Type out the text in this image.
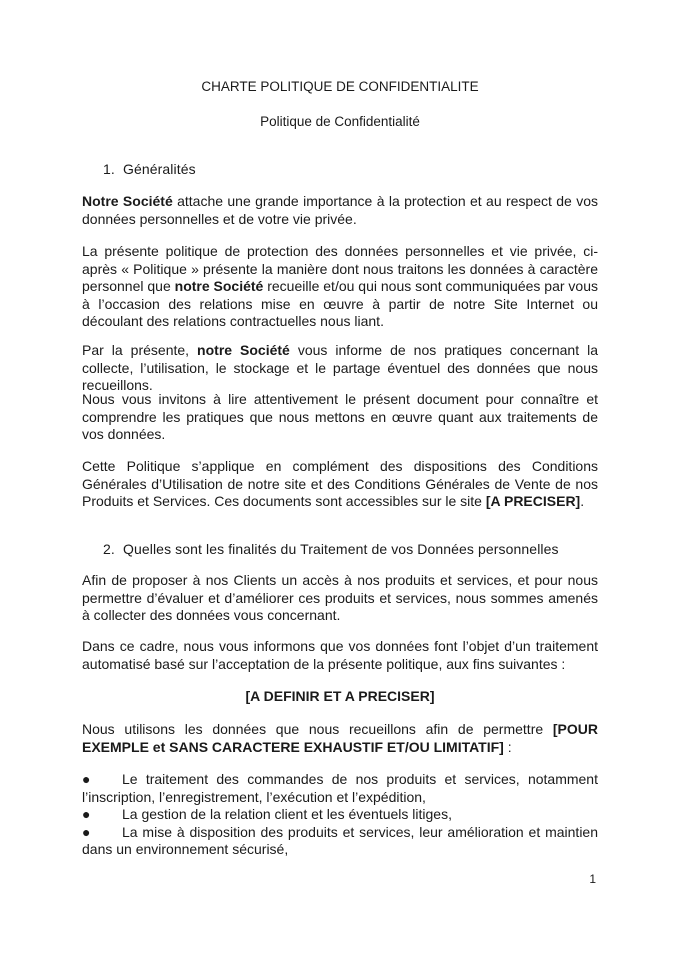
CHARTE POLITIQUE DE CONFIDENTIALITE
Politique de Confidentialité
1. Généralités

Notre Société attache une grande importance à la protection et au respect de vos données personnelles et de votre vie privée.

La présente politique de protection des données personnelles et vie privée, ci-après « Politique » présente la manière dont nous traitons les données à caractère personnel que notre Société recueille et/ou qui nous sont communiquées par vous à l’occasion des relations mise en œuvre à partir de notre Site Internet ou découlant des relations contractuelles nous liant.

Par la présente, notre Société vous informe de nos pratiques concernant la collecte, l’utilisation, le stockage et le partage éventuel des données que nous recueillons.

Nous vous invitons à lire attentivement le présent document pour connaître et comprendre les pratiques que nous mettons en œuvre quant aux traitements de vos données.

Cette Politique s’applique en complément des dispositions des Conditions Générales d’Utilisation de notre site et des Conditions Générales de Vente de nos Produits et Services. Ces documents sont accessibles sur le site [A PRECISER].

2. Quelles sont les finalités du Traitement de vos Données personnelles

Afin de proposer à nos Clients un accès à nos produits et services, et pour nous permettre d’évaluer et d’améliorer ces produits et services, nous sommes amenés à collecter des données vous concernant.

Dans ce cadre, nous vous informons que vos données font l’objet d’un traitement automatisé basé sur l’acceptation de la présente politique, aux fins suivantes :

[A DEFINIR ET A PRECISER]

Nous utilisons les données que nous recueillons afin de permettre [POUR EXEMPLE et SANS CARACTERE EXHAUSTIF ET/OU LIMITATIF] :

● Le traitement des commandes de nos produits et services, notamment l’inscription, l’enregistrement, l’exécution et l’expédition,
● La gestion de la relation client et les éventuels litiges,
● La mise à disposition des produits et services, leur amélioration et maintien dans un environnement sécurisé,
1
